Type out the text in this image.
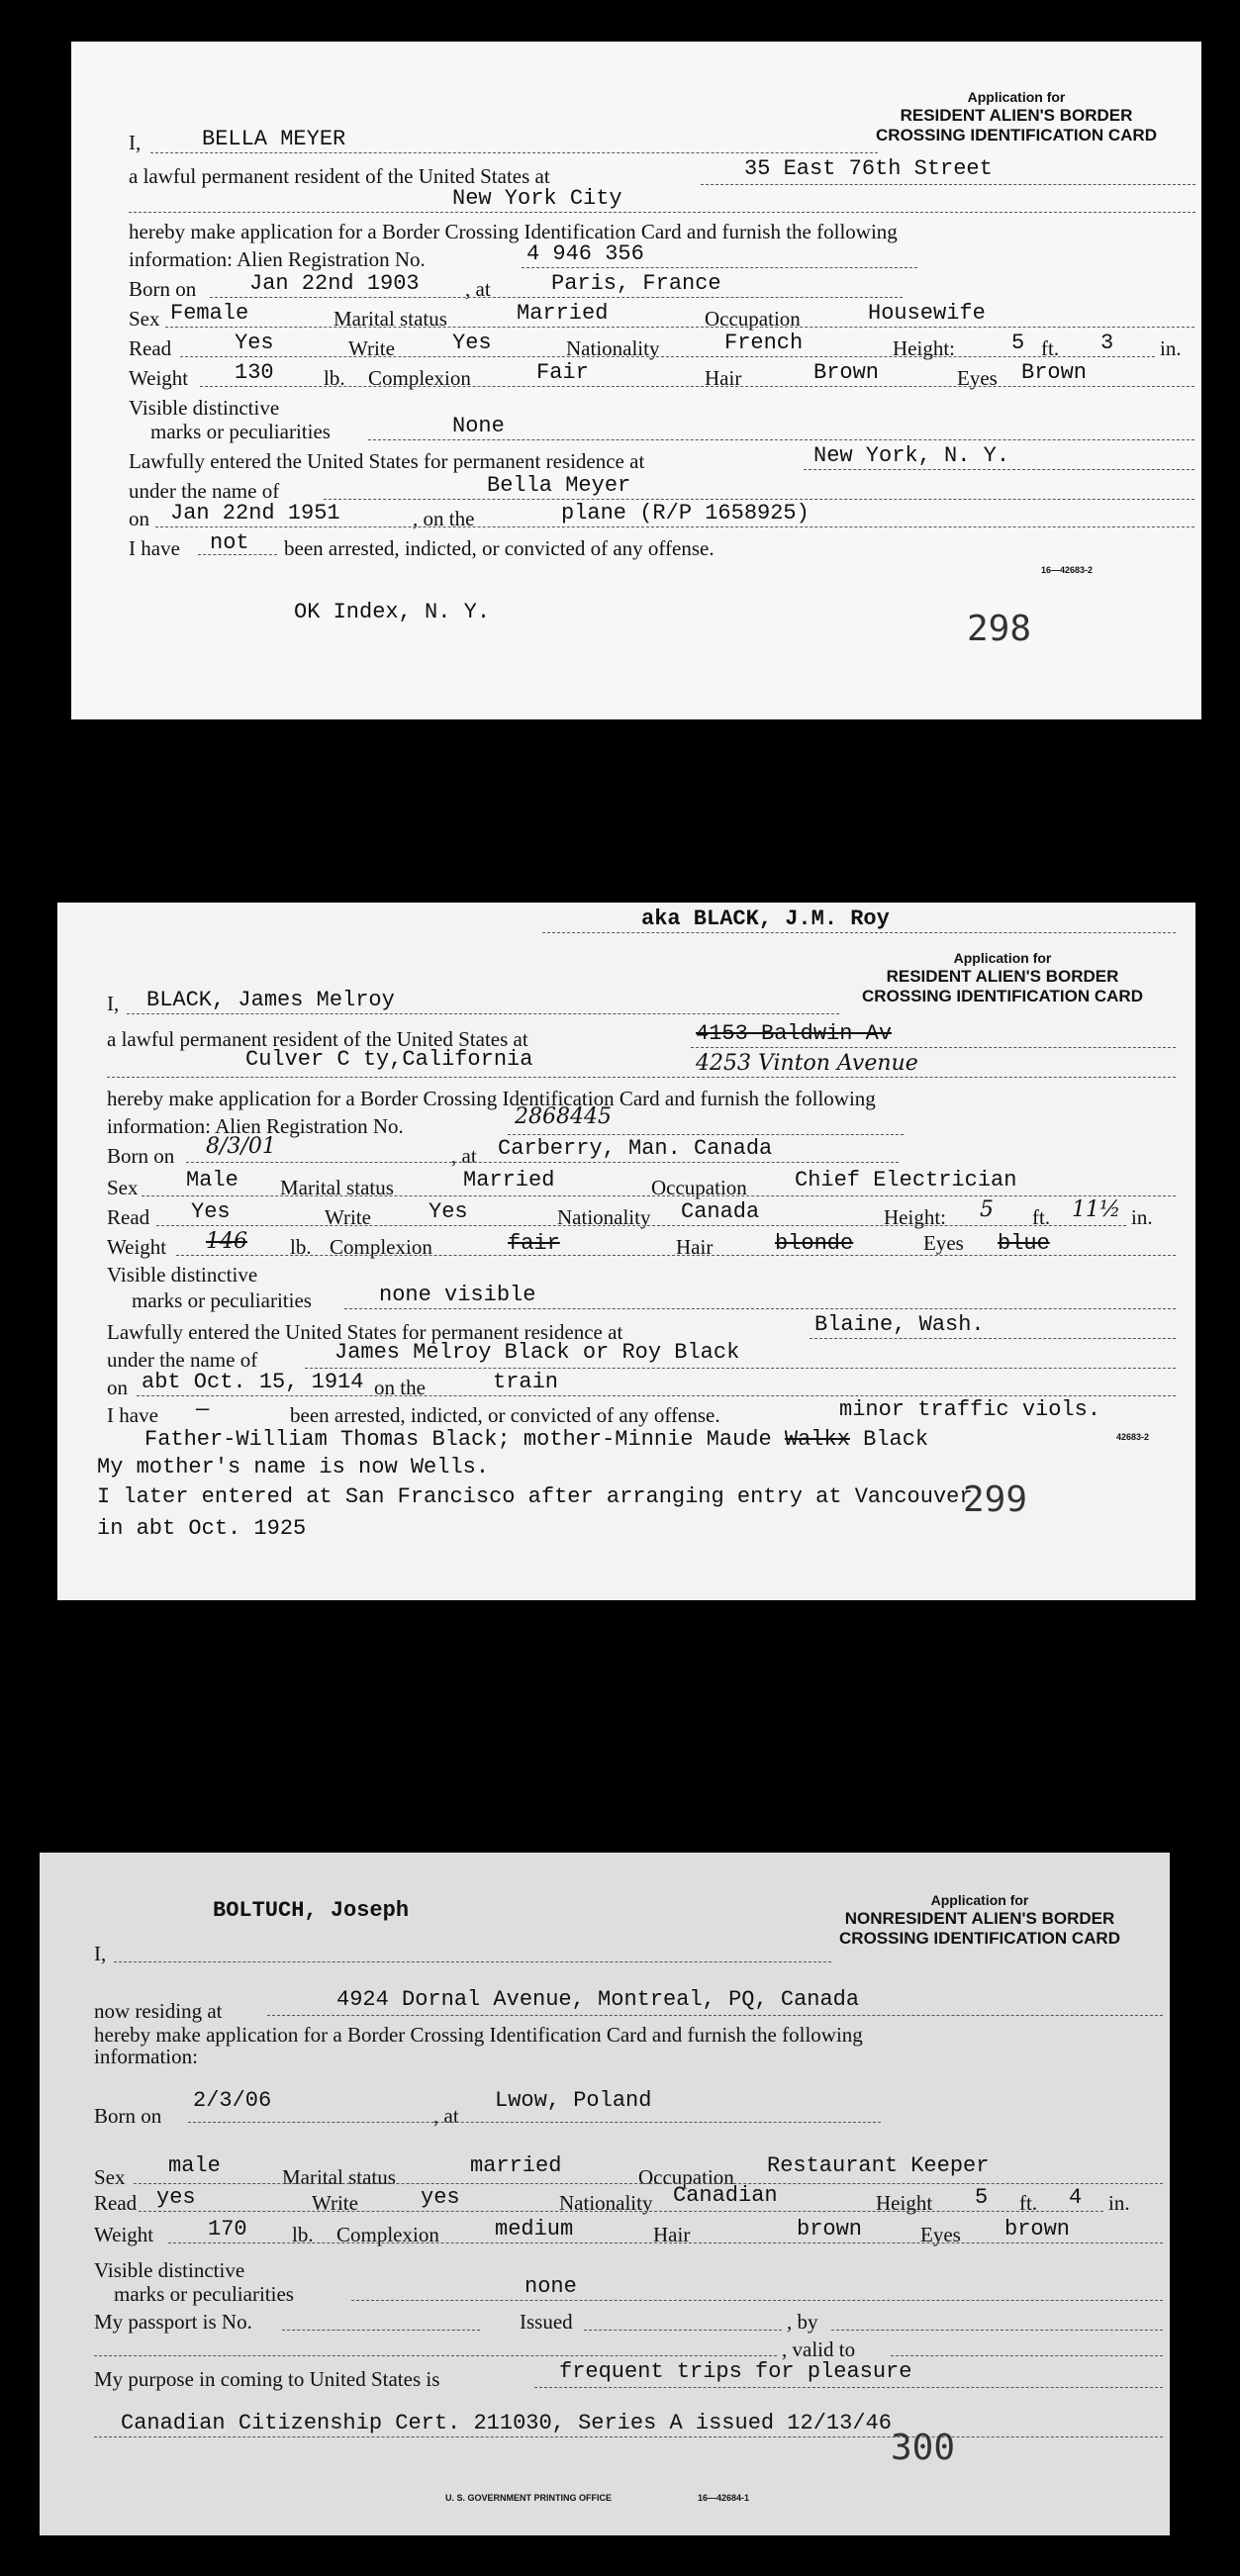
Application for
RESIDENT ALIEN'S BORDER
CROSSING IDENTIFICATION CARD
I,	BELLA MEYER
a lawful permanent resident of the United States at	35 East 76th Street
New York City
hereby make application for a Border Crossing Identification Card and furnish the following
information: Alien Registration No.	4 946 356
Born on Jan 22nd 1903 , at	Paris, France
Sex Female	Marital status	Married	Occupation	Housewife
Read	Yes	Write	Yes	Nationality	French	Height:	5 ft. 3 in.
Weight 130 lb. Complexion	Fair	Hair	Brown	Eyes Brown
Visible distinctive
marks or peculiarities	None
Lawfully entered the United States for permanent residence at	New York, N. Y.
under the name of	Bella Meyer
on Jan 22nd 1951	, on the	plane (R/P 1658925)
I have not been arrested, indicted, or convicted of any offense.
16—42683-2
OK Index, N. Y.	298
aka BLACK, J.M. Roy
Application for
RESIDENT ALIEN'S BORDER
CROSSING IDENTIFICATION CARD
I, BLACK, James Melroy
a lawful permanent resident of the United States at	4153 Baldwin Av
Culver C ty,California	4253 Vinton Avenue
hereby make application for a Border Crossing Identification Card and furnish the following
information: Alien Registration No.	2868445
Born on 8/3/01	, at Carberry, Man. Canada
Sex Male Marital status	Married	Occupation Chief Electrician
Read Yes	Write	Yes	Nationality Canada	Height: 5 ft. 11½ in.
Weight 146 lb. Complexion	fair	Hair	blonde	Eyes blue
Visible distinctive
marks or peculiarities	none visible
Lawfully entered the United States for permanent residence at	Blaine, Wash.
under the name of	James Melroy Black or Roy Black
on abt Oct. 15, 1914 on the	train
I have —	been arrested, indicted, or convicted of any offense.	minor traffic viols.
Father-William Thomas Black; mother-Minnie Maude Walkx Black	42683-2
My mother's name is now Wells.
I later entered at San Francisco after arranging entry at Vancouver
299
in abt Oct. 1925
Application for
NONRESIDENT ALIEN'S BORDER
CROSSING IDENTIFICATION CARD
BOLTUCH, Joseph
I,
now residing at	4924 Dornal Avenue, Montreal, PQ, Canada
hereby make application for a Border Crossing Identification Card and furnish the following
information:
Born on
2/3/06
, at
Lwow, Poland
Sex male	Marital status	married	Occupation Restaurant Keeper
Read yes	Write	yes	Nationality Canadian	Height 5 ft. 4 in.
Weight 170 lb. Complexion	medium	Hair	brown	Eyes brown
Visible distinctive
marks or peculiarities	none
My passport is No.	Issued	, by
, valid to
My purpose in coming to United States is	frequent trips for pleasure
Canadian Citizenship Cert. 211030, Series A issued 12/13/46
300
U. S. GOVERNMENT PRINTING OFFICE	16—42684-1
